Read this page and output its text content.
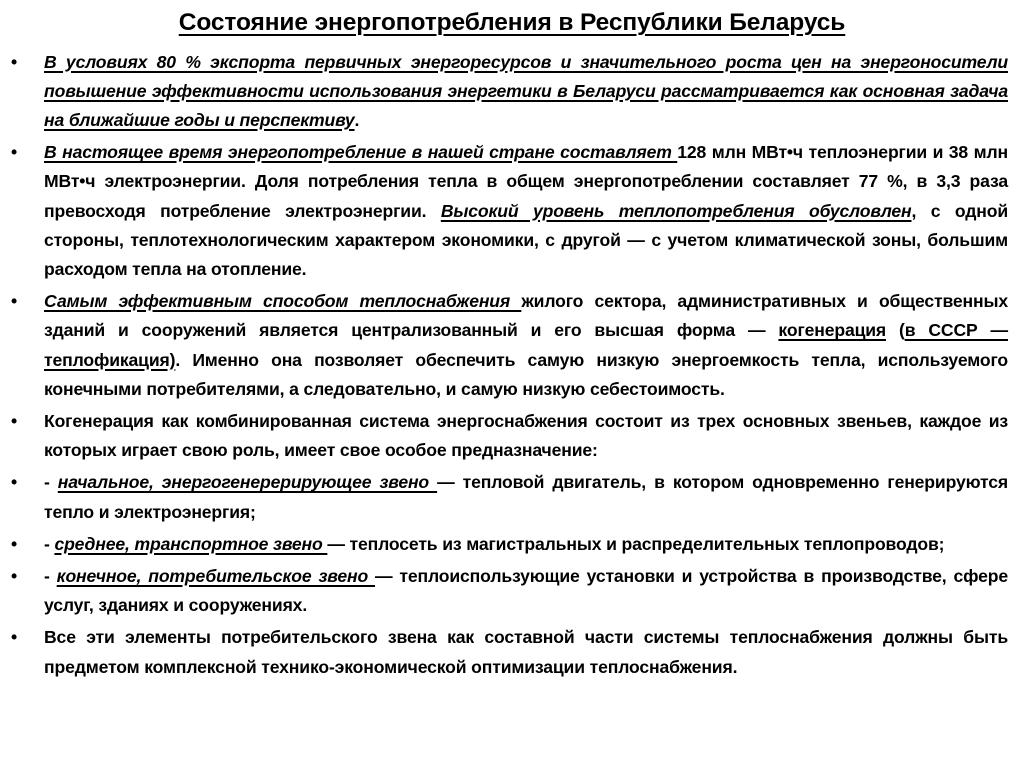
Состояние энергопотребления в Республики Беларусь
•	В условиях 80 % экспорта первичных энергоресурсов и значительного роста цен на энергоносители повышение эффективности использования энергетики в Беларуси рассматривается как основная задача на ближайшие годы и перспективу.
•	В настоящее время энергопотребление в нашей стране составляет 128 млн МВт•ч теплоэнергии и 38 млн МВт•ч электроэнергии. Доля потребления тепла в общем энергопотреблении составляет 77 %, в 3,3 раза превосходя потребление электроэнергии. Высокий уровень теплопотребления обусловлен, с одной стороны, теплотехнологическим характером экономики, с другой — с учетом климатической зоны, большим расходом тепла на отопление.
•	Самым эффективным способом теплоснабжения жилого сектора, административных и общественных зданий и сооружений является централизованный и его высшая форма — когенерация (в СССР — теплофикация). Именно она позволяет обеспечить самую низкую энергоемкость тепла, используемого конечными потребителями, а следовательно, и самую низкую себестоимость.
•	Когенерация как комбинированная система энергоснабжения состоит из трех основных звеньев, каждое из которых играет свою роль, имеет свое особое предназначение:
•	- начальное, энергогенерерирующее звено — тепловой двигатель, в котором одновременно генерируются тепло и электроэнергия;
•	- среднее, транспортное звено — теплосеть из магистральных и распределительных теплопроводов;
•	- конечное, потребительское звено — теплоиспользующие установки и устройства в производстве, сфере услуг, зданиях и сооружениях.
•	Все эти элементы потребительского звена как составной части системы теплоснабжения должны быть предметом комплексной технико-экономической оптимизации теплоснабжения.
